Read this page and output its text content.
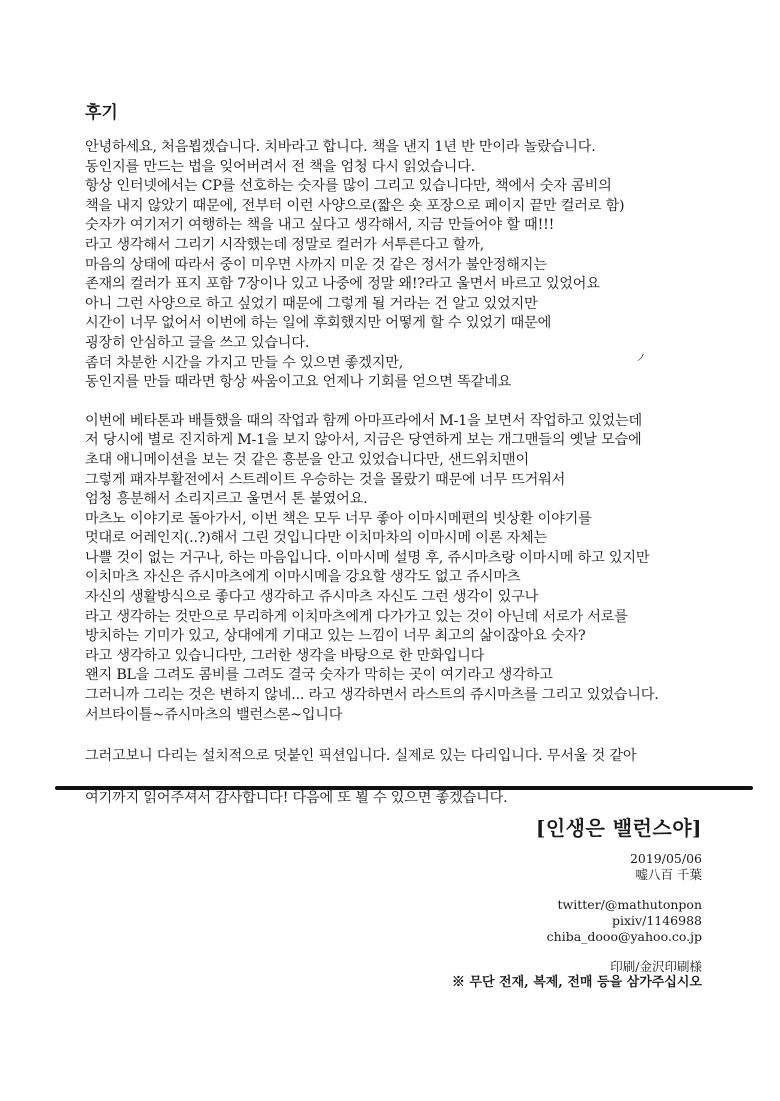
후기

안녕하세요, 처음뵙겠습니다. 치바라고 합니다. 책을 낸지 1년 반 만이라 놀랐습니다.
동인지를 만드는 법을 잊어버려서 전 책을 엄청 다시 읽었습니다.
항상 인터넷에서는 CP를 선호하는 숫자를 많이 그리고 있습니다만, 책에서 숫자 콤비의
책을 내지 않았기 때문에, 전부터 이런 사양으로(짧은 숏 포장으로 페이지 끝만 컬러로 함)
숫자가 여기저기 여행하는 책을 내고 싶다고 생각해서, 지금 만들어야 할 때!!!
라고 생각해서 그리기 시작했는데 정말로 컬러가 서투른다고 할까,
마음의 상태에 따라서 중이 미우면 사까지 미운 것 같은 정서가 불안정해지는
존재의 컬러가 표지 포함 7장이나 있고 나중에 정말 왜!?라고 울면서 바르고 있었어요
아니 그런 사양으로 하고 싶었기 때문에 그렇게 될 거라는 건 알고 있었지만
시간이 너무 없어서 이번에 하는 일에 후회했지만 어떻게 할 수 있었기 때문에
굉장히 안심하고 글을 쓰고 있습니다.
좀더 차분한 시간을 가지고 만들 수 있으면 좋겠지만,
동인지를 만들 때라면 항상 싸움이고요 언제나 기회를 얻으면 똑같네요

이번에 베타톤과 배틀했을 때의 작업과 함께 아마프라에서 M-1을 보면서 작업하고 있었는데
저 당시에 별로 진지하게 M-1을 보지 않아서, 지금은 당연하게 보는 개그맨들의 옛날 모습에
초대 애니메이션을 보는 것 같은 흥분을 안고 있었습니다만, 샌드위치맨이
그렇게 패자부활전에서 스트레이트 우승하는 것을 몰랐기 때문에 너무 뜨거워서
엄청 흥분해서 소리지르고 울면서 톤 붙였어요.
마츠노 이야기로 돌아가서, 이번 책은 모두 너무 좋아 이마시메편의 빗상환 이야기를
멋대로 어레인지(..?)해서 그린 것입니다만 이치마차의 이마시메 이론 자체는
나쁠 것이 없는 거구나, 하는 마음입니다. 이마시메 설명 후, 쥬시마츠랑 이마시메 하고 있지만
이치마츠 자신은 쥬시마츠에게 이마시메을 강요할 생각도 없고 쥬시마츠
자신의 생활방식으로 좋다고 생각하고 쥬시마츠 자신도 그런 생각이 있구나
라고 생각하는 것만으로 무리하게 이치마츠에게 다가가고 있는 것이 아닌데 서로가 서로를
방치하는 기미가 있고, 상대에게 기대고 있는 느낌이 너무 최고의 삶이잖아요 숫자?
라고 생각하고 있습니다만, 그러한 생각을 바탕으로 한 만화입니다
왠지 BL을 그려도 콤비를 그려도 결국 숫자가 막히는 곳이 여기라고 생각하고
그러니까 그리는 것은 변하지 않네... 라고 생각하면서 라스트의 쥬시마츠를 그리고 있었습니다.
서브타이틀~쥬시마츠의 밸런스론~입니다

그러고보니 다리는 설치적으로 덧붙인 픽션입니다. 실제로 있는 다리입니다. 무서울 것 같아

여기까지 읽어주셔서 감사합니다! 다음에 또 뵐 수 있으면 좋겠습니다.

ノ
[인생은 밸런스야]
2019/05/06
嘘八百 千葉
twitter/@mathutonpon
pixiv/1146988
chiba_dooo@yahoo.co.jp
印刷/金沢印刷様
※ 무단 전재, 복제, 전매 등을 삼가주십시오
